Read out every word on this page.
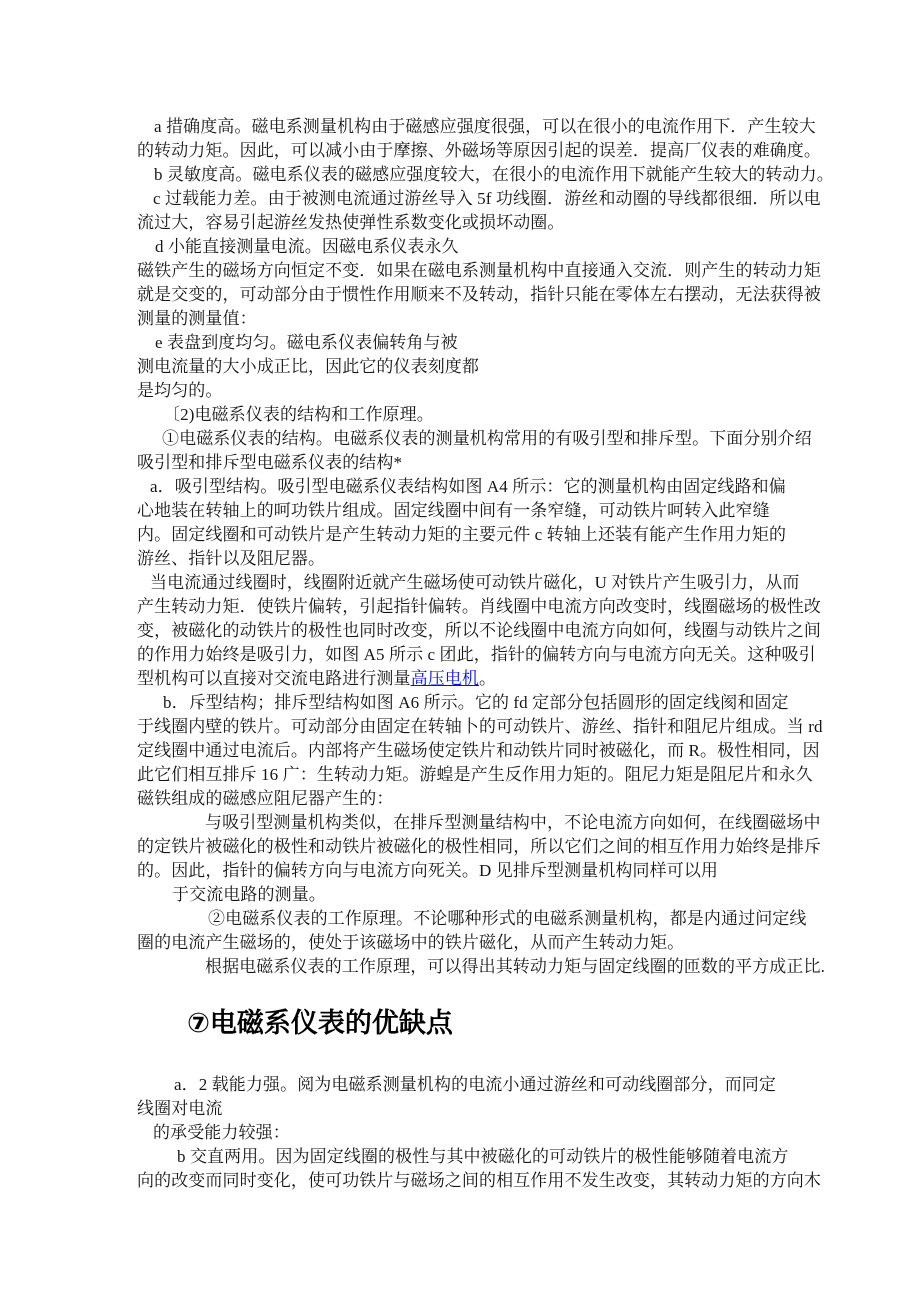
a 措确度高。磁电系测量机构由于磁感应强度很强，可以在很小的电流作用下．产生较大
的转动力矩。因此，可以减小由于摩擦、外磁场等原因引起的误差．提高厂仪表的难确度。
b 灵敏度高。磁电系仪表的磁感应强度较大，在很小的电流作用下就能产生较大的转动力。
c 过载能力差。由于被测电流通过游丝导入 5f 功线圈．游丝和动圈的导线都很细．所以电
流过大，容易引起游丝发热使弹性系数变化或损坏动圈。
d 小能直接测量电流。因磁电系仪表永久
磁铁产生的磁场方向恒定不变．如果在磁电系测量机构中直接通入交流．则产生的转动力矩
就是交变的，可动部分由于惯性作用顺来不及转动，指针只能在零体左右摆动，无法获得被
测量的测量值：
e 表盘到度均匀。磁电系仪表偏转角与被
测电流量的大小成正比，因此它的仪表刻度都
是均匀的。
〔2)电磁系仪表的结构和工作原理。
①电磁系仪表的结构。电磁系仪表的测量机构常用的有吸引型和排斥型。下面分别介绍
吸引型和排斥型电磁系仪表的结构*
a．吸引型结构。吸引型电磁系仪表结构如图 A4 所示：它的测量机构由固定线路和偏
心地装在转轴上的呵功铁片组成。固定线圈中间有一条窄缝，可动铁片呵转入此窄缝
内。固定线圈和可动铁片是产生转动力矩的主要元件 c 转轴上还装有能产生作用力矩的
游丝、指针以及阻尼器。
当电流通过线圈时，线圈附近就产生磁场使可动铁片磁化，U 对铁片产生吸引力，从而
产生转动力矩．使铁片偏转，引起指针偏转。肖线圈中电流方向改变时，线圈磁场的极性改
变，被磁化的动铁片的极性也同时改变，所以不论线圈中电流方向如何，线圈与动铁片之间
的作用力始终是吸引力，如图 A5 所示 c 团此，指针的偏转方向与电流方向无关。这种吸引
型机构可以直接对交流电路进行测量高压电机。
b．斥型结构；排斥型结构如图 A6 所示。它的 fd 定部分包括圆形的固定线阂和固定
于线圈内壁的铁片。可动部分由固定在转轴卜的可动铁片、游丝、指针和阻尼片组成。当 rd
定线圈中通过电流后。内部将产生磁场使定铁片和动铁片同时被磁化，而 R。极性相同，因
此它们相互排斥 16 广：生转动力矩。游蝗是产生反作用力矩的。阻尼力矩是阻尼片和永久
磁铁组成的磁感应阻尼器产生的：
与吸引型测量机构类似，在排斥型测量结构中，不论电流方向如何，在线圈磁场中
的定铁片被磁化的极性和动铁片被磁化的极性相同，所以它们之间的相互作用力始终是排斥
的。因此，指针的偏转方向与电流方向死关。D 见排斥型测量机构同样可以用
于交流电路的测量。
②电磁系仪表的工作原理。不论哪种形式的电磁系测量机构，都是内通过问定线
圈的电流产生磁场的，使处于该磁场中的铁片磁化，从而产生转动力矩。
根据电磁系仪表的工作原理，可以得出其转动力矩与固定线圈的匝数的平方成正比.
⑦电磁系仪表的优缺点
a．2 载能力强。阅为电磁系测量机构的电流小通过游丝和可动线圈部分，而同定
线圈对电流
的承受能力较强：
b 交直两用。因为固定线圈的极性与其中被磁化的可动铁片的极性能够随着电流方
向的改变而同时变化，使可功铁片与磁场之间的相互作用不发生改变，其转动力矩的方向木
